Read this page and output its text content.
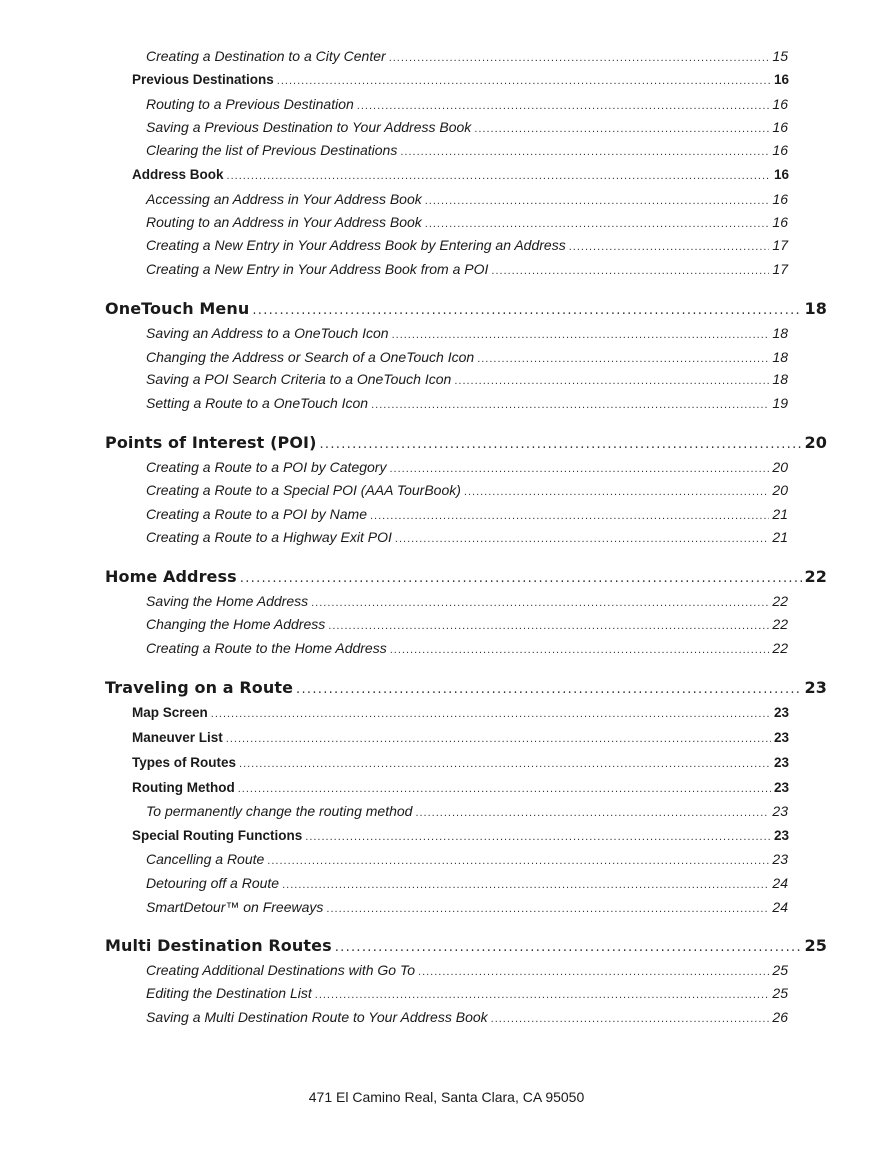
Creating a Destination to a City Center .....	15
Previous Destinations .....	16
Routing to a Previous Destination .....	16
Saving a Previous Destination to Your Address Book .....	16
Clearing the list of Previous Destinations .....	16
Address Book .....	16
Accessing an Address in Your Address Book .....	16
Routing to an Address in Your Address Book .....	16
Creating a New Entry in Your Address Book by Entering an Address .....	17
Creating a New Entry in Your Address Book from a POI .....	17
OneTouch Menu .....	18
Saving an Address to a OneTouch Icon .....	18
Changing the Address or Search of a OneTouch Icon .....	18
Saving a POI Search Criteria to a OneTouch Icon .....	18
Setting a Route to a OneTouch Icon .....	19
Points of Interest (POI) .....	20
Creating a Route to a POI by Category .....	20
Creating a Route to a Special POI (AAA TourBook) .....	20
Creating a Route to a POI by Name .....	21
Creating a Route to a Highway Exit POI .....	21
Home Address .....	22
Saving the Home Address .....	22
Changing the Home Address .....	22
Creating a Route to the Home Address .....	22
Traveling on a Route .....	23
Map Screen .....	23
Maneuver List .....	23
Types of Routes .....	23
Routing Method .....	23
To permanently change the routing method .....	23
Special Routing Functions .....	23
Cancelling a Route .....	23
Detouring off a Route .....	24
SmartDetour™ on Freeways .....	24
Multi Destination Routes .....	25
Creating Additional Destinations with Go To .....	25
Editing the Destination List .....	25
Saving a Multi Destination Route to Your Address Book .....	26
471 El Camino Real, Santa Clara, CA 95050
